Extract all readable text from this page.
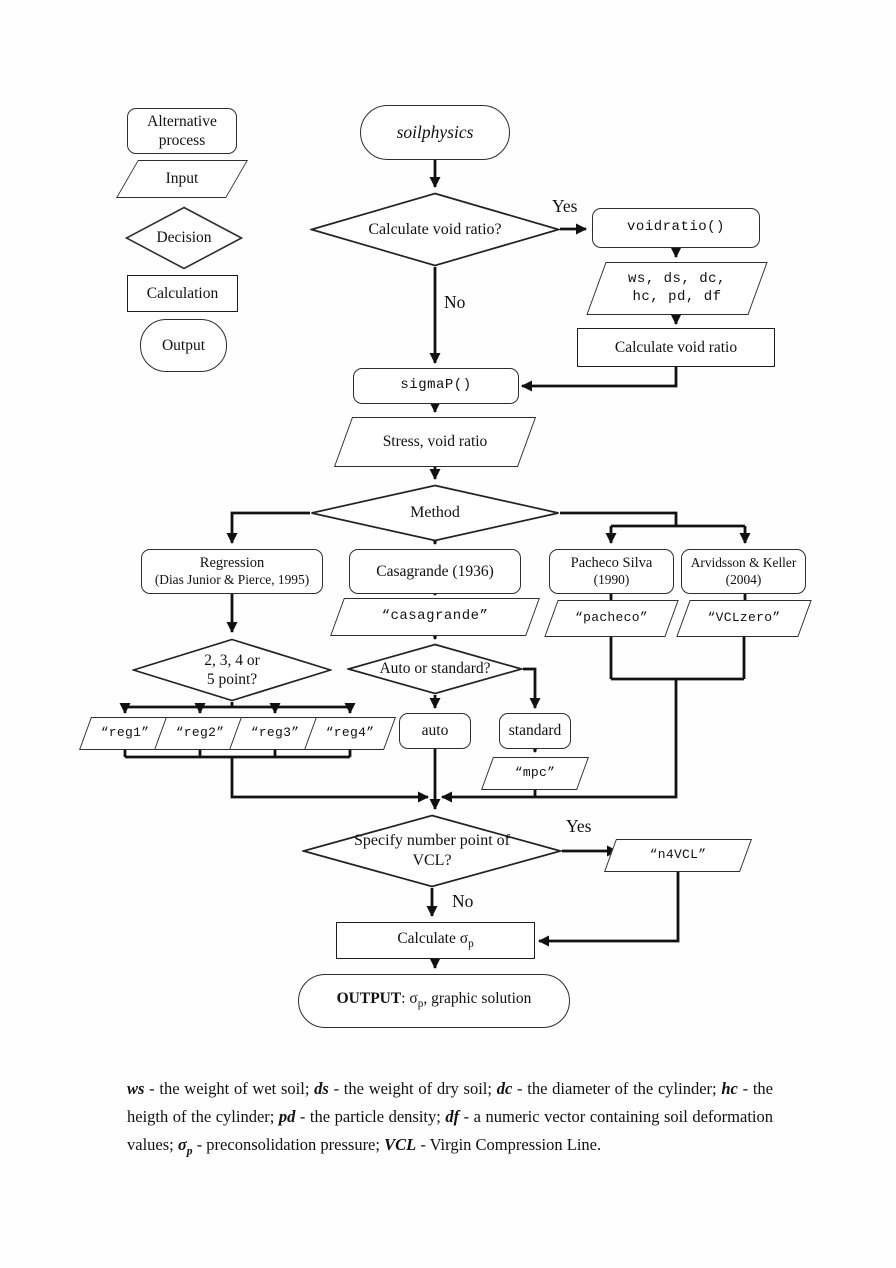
Alternative process
Input
Decision
Calculation
Output
soilphysics
Calculate void ratio?	voidratio()
ws, ds, dc,
hc, pd, df
Calculate void ratio
sigmaP()
Stress, void ratio
Method
Regression
(Dias Junior & Pierce, 1995)	Casagrande (1936)	Pacheco Silva
(1990)
Arvidsson & Keller
(2004)
“casagrande”	“pacheco”	“VCLzero”
2, 3, 4 or
5 point?
Auto or standard?
“reg1” “reg2” “reg3” “reg4”	auto	standard
“mpc”
Specify number point of
VCL?	“n4VCL”
Calculate $\sigma_p$
OUTPUT: $\sigma_p$, graphic solution
Yes
No
Yes
No

ws - the weight of wet soil; ds - the weight of dry soil; dc - the diameter of the cylinder; hc - the heigth of the cylinder; pd - the particle density; df - a numeric vector containing soil deformation values; $\sigma_p$ - preconsolidation pressure; VCL - Virgin Compression Line.
